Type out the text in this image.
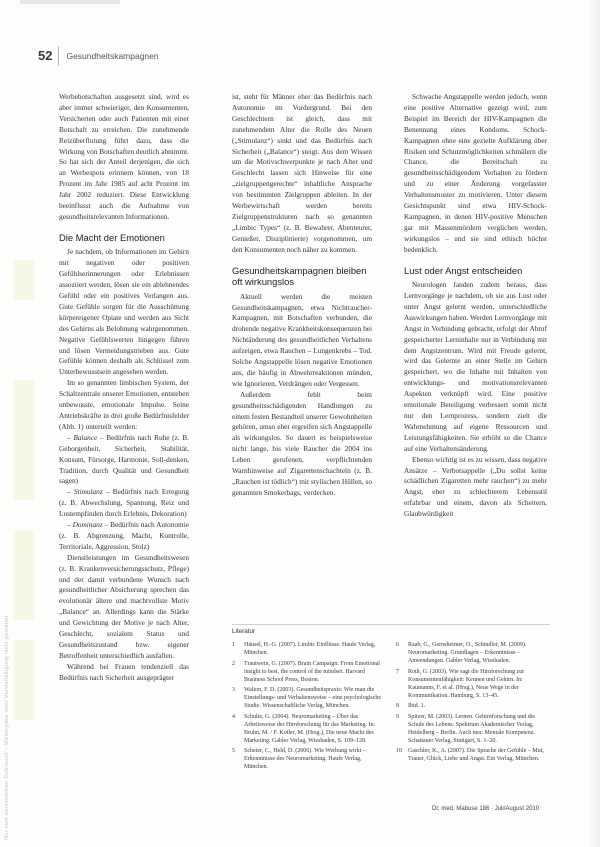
Nur zum persönlichen Gebrauch – Weitergabe oder Vervielfältigung nicht gestattet
52	Gesundheitskampagnen

Werbebotschaften ausgesetzt sind, wird es aber immer schwieriger, den Konsumenten, Versicherten oder auch Patienten mit einer Botschaft zu erreichen. Die zunehmende Reizüberflutung führt dazu, dass die Wirkung von Botschaften deutlich abnimmt. So hat sich der Anteil derjenigen, die sich an Werbespots erinnern können, von 18 Prozent im Jahr 1985 auf acht Prozent im Jahr 2002 reduziert. Diese Entwicklung beeinflusst auch die Aufnahme von gesundheitsrelevanten Informationen.

Die Macht der Emotionen

Je nachdem, ob Informationen im Gehirn mit negativen oder positiven Gefühlserinnerungen oder Erlebnissen assoziiert werden, lösen sie ein ablehnendes Gefühl oder ein positives Verlangen aus. Gute Gefühle sorgen für die Ausschüttung körpereigener Opiate und werden aus Sicht des Gehirns als Belohnung wahrgenommen. Negative Gefühlswerten hingegen führen und lösen Vermeidungstrieben aus. Gute Gefühle können deshalb als Schlüssel zum Unterbewusstsein angesehen werden.

Im so genannten limbischen System, der Schaltzentrale unserer Emotionen, entstehen unbewusste, emotionale Impulse. Seine Antriebskräfte in drei große Bedürfnisfelder (Abb. 1) unterteilt werden:

– Balance – Bedürfnis nach Ruhe (z. B. Geborgenheit, Sicherheit, Stabilität, Konsum, Fürsorge, Harmonie, Soll-denken, Tradition, durch Qualität und Gesundheit sagen)

– Stimulanz – Bedürfnis nach Erregung (z. B. Abwechslung, Spannung, Reiz und Lustempfinden durch Erlebnis, Dekoration)

– Dominanz – Bedürfnis nach Autonomie (z. B. Abgrenzung, Macht, Kontrolle, Territoriale, Aggression, Stolz)

Dienstleistungen im Gesundheitswesen (z. B. Krankenversicherungsschutz, Pflege) und der damit verbundene Wunsch nach gesundheitlicher Absicherung sprechen das evolutionär ältere und machtvollste Motiv „Balance“ an. Allerdings kann die Stärke und Gewichtung der Motive je nach Alter, Geschlecht, sozialem Status und Gesundheitszustand bzw. eigener Betroffenheit unterschiedlich ausfallen.

Während bei Frauen tendenziell das Bedürfnis nach Sicherheit ausgeprägter

ist, steht für Männer eher das Bedürfnis nach Autonomie im Vordergrund. Bei den Geschlechtern ist gleich, dass mit zunehmendem Alter die Rolle des Neuen („Stimulanz“) sinkt und das Bedürfnis nach Sicherheit („Balance“) steigt. Aus dem Wissen um die Motivschwerpunkte je nach Alter und Geschlecht lassen sich Hinweise für eine „zielgruppengerechte“ inhaltliche Ansprache von bestimmten Zielgruppen ableiten. In der Werbewirtschaft werden bereits Zielgruppenstrukturen nach so genannten „Limbic Types“ (z. B. Bewahrer, Abenteurer, Genießer, Disziplinierte) vorgenommen, um den Konsumenten noch näher zu kommen.

Gesundheitskampagnen bleiben
oft wirkungslos

Aktuell werden die meisten Gesundheitskampagnen, etwa Nichtraucher-Kampagnen, mit Botschaften verbunden, die drohende negative Krankheitskonsequenzen bei Nichtänderung des gesundheitlichen Verhaltens aufzeigen, etwa Rauchen – Lungenkrebs – Tod. Solche Angstappelle lösen negative Emotionen aus, die häufig in Abwehrreaktionen münden, wie Ignorieren, Verdrängen oder Vergessen.

Außerdem fehlt beim gesundheitsschädigenden Handlungen zu einem festen Bestandteil unserer Gewohnheiten gehören, umso eher ergreifen sich Angstappelle als wirkungslos. So dauert es beispielsweise nicht lange, bis viele Raucher die 2004 ins Leben gerufenen, verpflichtenden Warnhinweise auf Zigarettenschachteln (z. B. „Rauchen ist tödlich“) mit stylischen Hüllen, so genannten Smokerbags, verdecken.

Schwache Angstappelle werden jedoch, wenn eine positive Alternative gezeigt wird, zum Beispiel im Bereich der HIV-Kampagnen die Benennung eines Kondoms. Schock-Kampagnen ohne eine gezielte Aufklärung über Risiken und Schutzmöglichkeiten schmälern die Chance, die Bereitschaft zu gesundheitsschädigendem Verhalten zu fördern und zu einer Änderung vorgefasster Verhaltensmuster zu motivieren. Unter diesem Gesichtspunkt sind etwa HIV-Schock-Kampagnen, in denen HIV-positive Menschen gar mit Massenmördern verglichen werden, wirkungslos – und sie sind ethisch höchst bedenklich.

Lust oder Angst entscheiden

Neurologen fanden zudem heraus, dass Lernvorgänge je nachdem, ob sie aus Lust oder unter Angst gelernt werden, unterschiedliche Auswirkungen haben. Werden Lernvorgänge mit Angst in Verbindung gebracht, erfolgt der Abruf gespeicherter Lerninhalte nur in Verbindung mit dem Angstzentrum. Wird mit Freude gelernt, wird das Gelernte an einer Stelle im Gehirn gespeichert, wo die Inhalte mit Inhalten von entwicklungs- und motivationsrelevanten Aspekten verknüpft wird. Eine positive emotionale Beteiligung verbessert somit nicht nur den Lernprozess, sondern zielt die Wahrnehmung auf eigene Ressourcen und Leistungsfähigkeiten. Sie erhöht so die Chance auf eine Verhaltensänderung.

Ebenso wichtig ist es zu wissen, dass negative Ansätze – Verbotsappelle („Du sollst keine schädlichen Zigaretten mehr rauchen“) zu mehr Angst, eher zu schlechterem Lebensstil erfahrbar und einem, davon als Scheitern, Glaubwürdigkeit

Literatur
1	Häusel, H.-G. (2007). Limbic Einflüsse. Haufe Verlag, München.
2	Trautwein, G. (2007). Brain Campaign: From Emotional insight to best, the control of the mindset. Harvard Business School Press, Boston.
3	Walton, F. D. (2003). Gesundheitspraxis: Wie man die Einstellungs- und Verhaltensweise – eine psychologische Studie. Wissenschaftliche Verlag, München.
4	Schulte, G. (2004). Neuromarketing – Über das Arbeitsweise der Hirnforschung für das Marketing. In: Bruhn, M. / F. Kotler, M. (Hrsg.), Die neue Macht des Marketing. Gabler Verlag, Wiesbaden, S. 109–128.
5	Scheier, C., Held, D. (2006). Wie Werbung wirkt – Erkenntnisse des Neuromarketing. Haufe Verlag, München.
6	Raab, G., Gernsheimer, O., Schindler, M. (2009). Neuromarketing. Grundlagen – Erkenntnisse – Anwendungen. Gabler Verlag, Wiesbaden.
7	Roth, G. (2003). Wie sagt die Hirnforschung zur Konsumentenfähigkeit: Kennen und Gehirn. In: Kaumanns, F. et al. (Hrsg.), Neue Wege in der Kommunikation. Hamburg, S. 13–45.
8	Ibid. 1.
9	Spitzer, M. (2003). Lernen. Gehirnforschung und die Schule des Lebens. Spektrum Akademischer Verlag, Heidelberg – Berlin. Auch neu: Mentale Kompetenz. Schattauer Verlag, Stuttgart, S. 1–20.
10	Gaschler, K., A. (2007). Die Sprache der Gefühle – Mut, Trauer, Glück, Liebe und Angst. Ein Verlag, München.
Dr. med. Mabuse 186 · Juli/August 2010
